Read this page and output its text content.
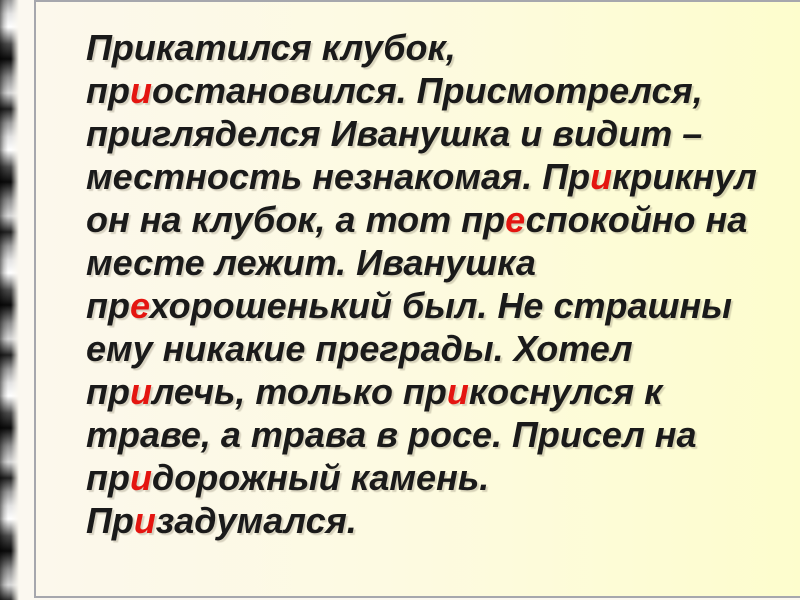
Прикатился клубок,
приостановился. Присмотрелся,
пригляделся Иванушка и видит –
местность незнакомая. Прикрикнул
он на клубок, а тот преспокойно на
месте лежит. Иванушка
прехорошенький был. Не страшны
ему никакие преграды. Хотел
прилечь, только прикоснулся к
траве, а трава в росе. Присел на
придорожный камень.
Призадумался.
